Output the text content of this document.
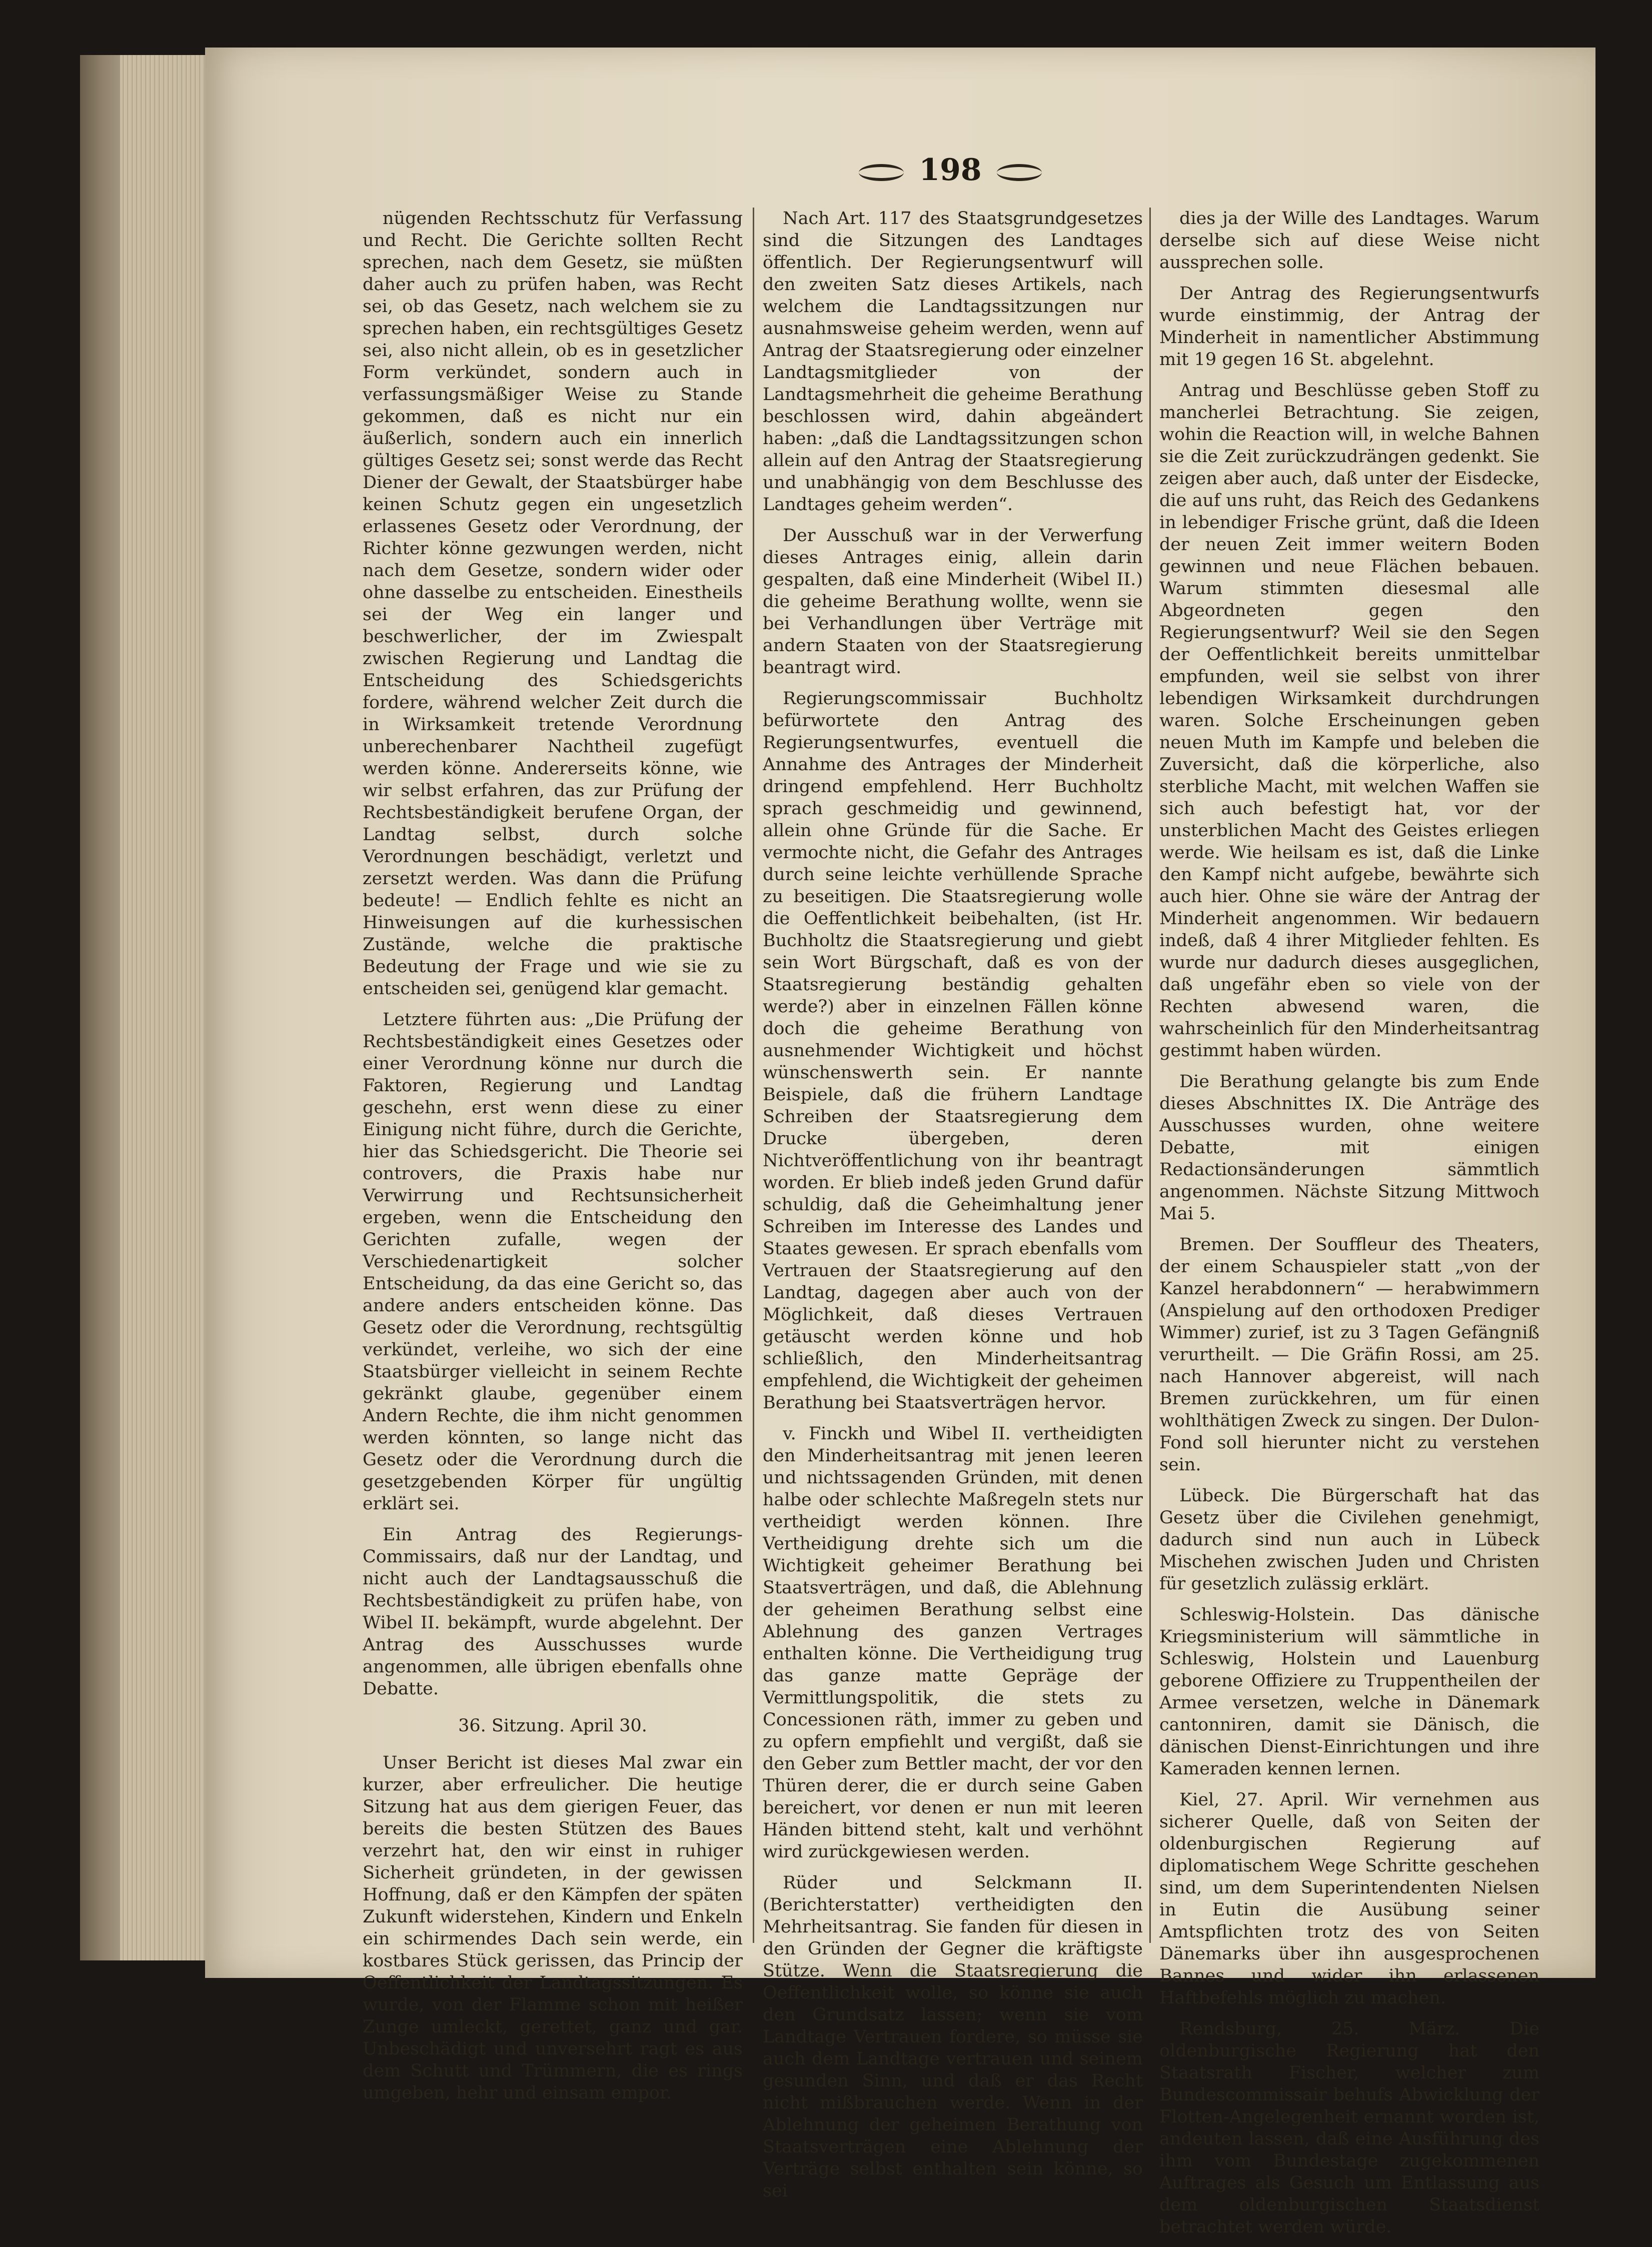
198

nügenden Rechtsschutz für Verfassung und Recht. Die Gerichte sollten Recht sprechen, nach dem Gesetz, sie müßten daher auch zu prüfen haben, was Recht sei, ob das Gesetz, nach welchem sie zu sprechen haben, ein rechtsgültiges Gesetz sei, also nicht allein, ob es in gesetzlicher Form verkündet, sondern auch in verfassungsmäßiger Weise zu Stande gekommen, daß es nicht nur ein äußerlich, sondern auch ein innerlich gültiges Gesetz sei; sonst werde das Recht Diener der Gewalt, der Staatsbürger habe keinen Schutz gegen ein ungesetzlich erlassenes Gesetz oder Verordnung, der Richter könne gezwungen werden, nicht nach dem Gesetze, sondern wider oder ohne dasselbe zu entscheiden. Einestheils sei der Weg ein langer und beschwerlicher, der im Zwiespalt zwischen Regierung und Landtag die Entscheidung des Schiedsgerichts fordere, während welcher Zeit durch die in Wirksamkeit tretende Verordnung unberechenbarer Nachtheil zugefügt werden könne. Andererseits könne, wie wir selbst erfahren, das zur Prüfung der Rechtsbeständigkeit berufene Organ, der Landtag selbst, durch solche Verordnungen beschädigt, verletzt und zersetzt werden. Was dann die Prüfung bedeute! — Endlich fehlte es nicht an Hinweisungen auf die kurhessischen Zustände, welche die praktische Bedeutung der Frage und wie sie zu entscheiden sei, genügend klar gemacht.

Letztere führten aus: „Die Prüfung der Rechtsbeständigkeit eines Gesetzes oder einer Verordnung könne nur durch die Faktoren, Regierung und Landtag geschehn, erst wenn diese zu einer Einigung nicht führe, durch die Gerichte, hier das Schiedsgericht. Die Theorie sei controvers, die Praxis habe nur Verwirrung und Rechtsunsicherheit ergeben, wenn die Entscheidung den Gerichten zufalle, wegen der Verschiedenartigkeit solcher Entscheidung, da das eine Gericht so, das andere anders entscheiden könne. Das Gesetz oder die Verordnung, rechtsgültig verkündet, verleihe, wo sich der eine Staatsbürger vielleicht in seinem Rechte gekränkt glaube, gegenüber einem Andern Rechte, die ihm nicht genommen werden könnten, so lange nicht das Gesetz oder die Verordnung durch die gesetzgebenden Körper für ungültig erklärt sei.

Ein Antrag des Regierungs-Commissairs, daß nur der Landtag, und nicht auch der Landtagsausschuß die Rechtsbeständigkeit zu prüfen habe, von Wibel II. bekämpft, wurde abgelehnt. Der Antrag des Ausschusses wurde angenommen, alle übrigen ebenfalls ohne Debatte.

36. Sitzung. April 30.

Unser Bericht ist dieses Mal zwar ein kurzer, aber erfreulicher. Die heutige Sitzung hat aus dem gierigen Feuer, das bereits die besten Stützen des Baues verzehrt hat, den wir einst in ruhiger Sicherheit gründeten, in der gewissen Hoffnung, daß er den Kämpfen der späten Zukunft widerstehen, Kindern und Enkeln ein schirmendes Dach sein werde, ein kostbares Stück gerissen, das Princip der Oeffentlichkeit der Landtagssitzungen. Es wurde, von der Flamme schon mit heißer Zunge umleckt, gerettet, ganz und gar. Unbeschädigt und unversehrt ragt es aus dem Schutt und Trümmern, die es rings umgeben, hehr und einsam empor.

Nach Art. 117 des Staatsgrundgesetzes sind die Sitzungen des Landtages öffentlich. Der Regierungsentwurf will den zweiten Satz dieses Artikels, nach welchem die Landtagssitzungen nur ausnahmsweise geheim werden, wenn auf Antrag der Staatsregierung oder einzelner Landtagsmitglieder von der Landtagsmehrheit die geheime Berathung beschlossen wird, dahin abgeändert haben: „daß die Landtagssitzungen schon allein auf den Antrag der Staatsregierung und unabhängig von dem Beschlusse des Landtages geheim werden“.

Der Ausschuß war in der Verwerfung dieses Antrages einig, allein darin gespalten, daß eine Minderheit (Wibel II.) die geheime Berathung wollte, wenn sie bei Verhandlungen über Verträge mit andern Staaten von der Staatsregierung beantragt wird.

Regierungscommissair Buchholtz befürwortete den Antrag des Regierungsentwurfes, eventuell die Annahme des Antrages der Minderheit dringend empfehlend. Herr Buchholtz sprach geschmeidig und gewinnend, allein ohne Gründe für die Sache. Er vermochte nicht, die Gefahr des Antrages durch seine leichte verhüllende Sprache zu beseitigen. Die Staatsregierung wolle die Oeffentlichkeit beibehalten, (ist Hr. Buchholtz die Staatsregierung und giebt sein Wort Bürgschaft, daß es von der Staatsregierung beständig gehalten werde?) aber in einzelnen Fällen könne doch die geheime Berathung von ausnehmender Wichtigkeit und höchst wünschenswerth sein. Er nannte Beispiele, daß die frühern Landtage Schreiben der Staatsregierung dem Drucke übergeben, deren Nichtveröffentlichung von ihr beantragt worden. Er blieb indeß jeden Grund dafür schuldig, daß die Geheimhaltung jener Schreiben im Interesse des Landes und Staates gewesen. Er sprach ebenfalls vom Vertrauen der Staatsregierung auf den Landtag, dagegen aber auch von der Möglichkeit, daß dieses Vertrauen getäuscht werden könne und hob schließlich, den Minderheitsantrag empfehlend, die Wichtigkeit der geheimen Berathung bei Staatsverträgen hervor.

v. Finckh und Wibel II. vertheidigten den Minderheitsantrag mit jenen leeren und nichtssagenden Gründen, mit denen halbe oder schlechte Maßregeln stets nur vertheidigt werden können. Ihre Vertheidigung drehte sich um die Wichtigkeit geheimer Berathung bei Staatsverträgen, und daß, die Ablehnung der geheimen Berathung selbst eine Ablehnung des ganzen Vertrages enthalten könne. Die Vertheidigung trug das ganze matte Gepräge der Vermittlungspolitik, die stets zu Concessionen räth, immer zu geben und zu opfern empfiehlt und vergißt, daß sie den Geber zum Bettler macht, der vor den Thüren derer, die er durch seine Gaben bereichert, vor denen er nun mit leeren Händen bittend steht, kalt und verhöhnt wird zurückgewiesen werden.

Rüder und Selckmann II. (Berichterstatter) vertheidigten den Mehrheitsantrag. Sie fanden für diesen in den Gründen der Gegner die kräftigste Stütze. Wenn die Staatsregierung die Oeffentlichkeit wolle, so könne sie auch den Grundsatz lassen; wenn sie vom Landtage Vertrauen fordere, so müsse sie auch dem Landtage vertrauen und seinem gesunden Sinn, und daß er das Recht nicht mißbrauchen werde. Wenn in der Ablehnung der geheimen Berathung von Staatsverträgen eine Ablehnung der Verträge selbst enthalten sein könne, so sei

dies ja der Wille des Landtages. Warum derselbe sich auf diese Weise nicht aussprechen solle.

Der Antrag des Regierungsentwurfs wurde einstimmig, der Antrag der Minderheit in namentlicher Abstimmung mit 19 gegen 16 St. abgelehnt.

Antrag und Beschlüsse geben Stoff zu mancherlei Betrachtung. Sie zeigen, wohin die Reaction will, in welche Bahnen sie die Zeit zurückzudrängen gedenkt. Sie zeigen aber auch, daß unter der Eisdecke, die auf uns ruht, das Reich des Gedankens in lebendiger Frische grünt, daß die Ideen der neuen Zeit immer weitern Boden gewinnen und neue Flächen bebauen. Warum stimmten diesesmal alle Abgeordneten gegen den Regierungsentwurf? Weil sie den Segen der Oeffentlichkeit bereits unmittelbar empfunden, weil sie selbst von ihrer lebendigen Wirksamkeit durchdrungen waren. Solche Erscheinungen geben neuen Muth im Kampfe und beleben die Zuversicht, daß die körperliche, also sterbliche Macht, mit welchen Waffen sie sich auch befestigt hat, vor der unsterblichen Macht des Geistes erliegen werde. Wie heilsam es ist, daß die Linke den Kampf nicht aufgebe, bewährte sich auch hier. Ohne sie wäre der Antrag der Minderheit angenommen. Wir bedauern indeß, daß 4 ihrer Mitglieder fehlten. Es wurde nur dadurch dieses ausgeglichen, daß ungefähr eben so viele von der Rechten abwesend waren, die wahrscheinlich für den Minderheitsantrag gestimmt haben würden.

Die Berathung gelangte bis zum Ende dieses Abschnittes IX. Die Anträge des Ausschusses wurden, ohne weitere Debatte, mit einigen Redactionsänderungen sämmtlich angenommen. Nächste Sitzung Mittwoch Mai 5.

Bremen. Der Souffleur des Theaters, der einem Schauspieler statt „von der Kanzel herabdonnern“ — herabwimmern (Anspielung auf den orthodoxen Prediger Wimmer) zurief, ist zu 3 Tagen Gefängniß verurtheilt. — Die Gräfin Rossi, am 25. nach Hannover abgereist, will nach Bremen zurückkehren, um für einen wohlthätigen Zweck zu singen. Der Dulon-Fond soll hierunter nicht zu verstehen sein.

Lübeck. Die Bürgerschaft hat das Gesetz über die Civilehen genehmigt, dadurch sind nun auch in Lübeck Mischehen zwischen Juden und Christen für gesetzlich zulässig erklärt.

Schleswig-Holstein. Das dänische Kriegsministerium will sämmtliche in Schleswig, Holstein und Lauenburg geborene Offiziere zu Truppentheilen der Armee versetzen, welche in Dänemark cantonniren, damit sie Dänisch, die dänischen Dienst-Einrichtungen und ihre Kameraden kennen lernen.

Kiel, 27. April. Wir vernehmen aus sicherer Quelle, daß von Seiten der oldenburgischen Regierung auf diplomatischem Wege Schritte geschehen sind, um dem Superintendenten Nielsen in Eutin die Ausübung seiner Amtspflichten trotz des von Seiten Dänemarks über ihn ausgesprochenen Bannes und wider ihn erlassenen Haftbefehls möglich zu machen.

Rendsburg, 25. März. Die oldenburgische Regierung hat den Staatsrath Fischer, welcher zum Bundescommissair behufs Abwicklung der Flotten-Angelegenheit ernannt worden ist, andeuten lassen, daß eine Ausführung des ihm vom Bundestage zugekommenen Auftrages als Gesuch um Entlassung aus dem oldenburgischen Staatsdienst betrachtet werden würde.
